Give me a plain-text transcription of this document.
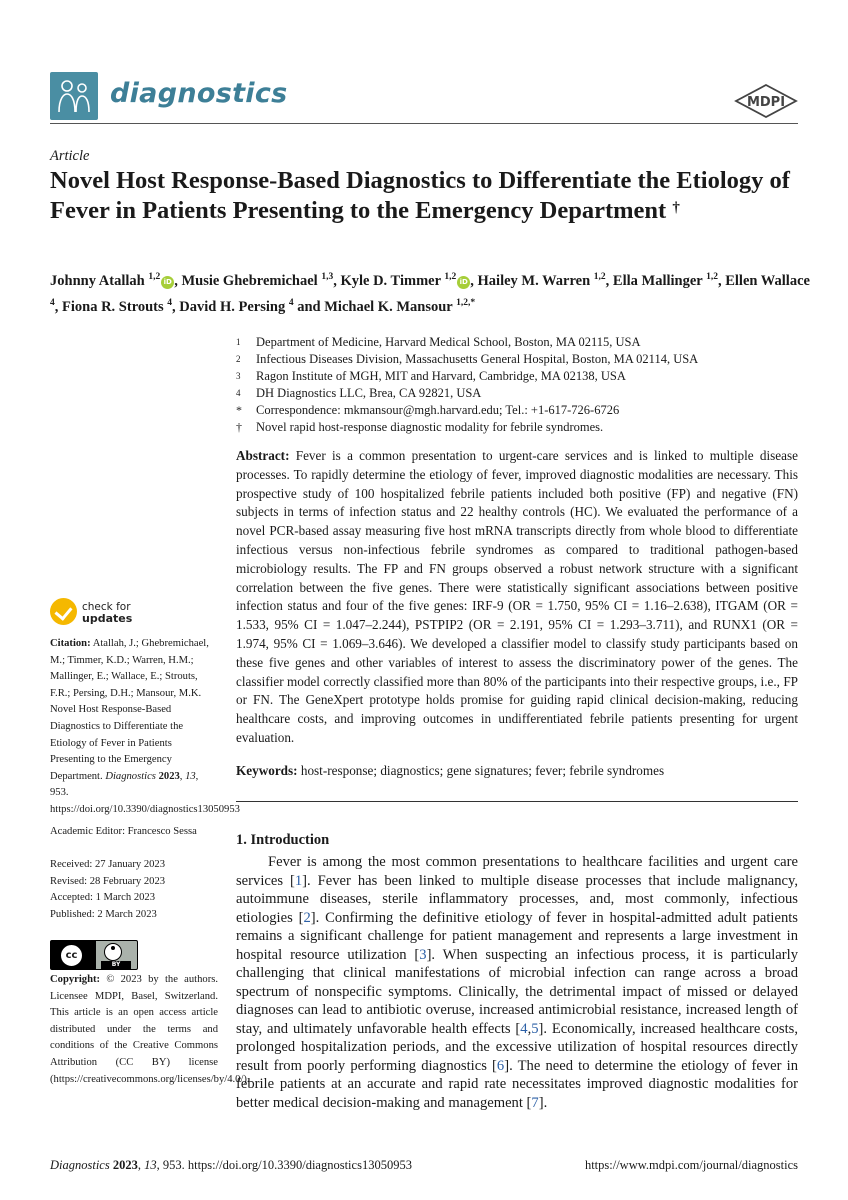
diagnostics	MDPI
Article
Novel Host Response-Based Diagnostics to Differentiate the Etiology of Fever in Patients Presenting to the Emergency Department †
Johnny Atallah $^{1,2}$ iD , Musie Ghebremichael $^{1,3}$, Kyle D. Timmer $^{1,2}$ iD , Hailey M. Warren $^{1,2}$, Ella Mallinger $^{1,2}$, Ellen Wallace $^4$, Fiona R. Strouts $^4$, David H. Persing $^4$ and Michael K. Mansour $^{1,2,*}$
1	Department of Medicine, Harvard Medical School, Boston, MA 02115, USA
2	Infectious Diseases Division, Massachusetts General Hospital, Boston, MA 02114, USA
3	Ragon Institute of MGH, MIT and Harvard, Cambridge, MA 02138, USA
4	DH Diagnostics LLC, Brea, CA 92821, USA
*	Correspondence: mkmansour@mgh.harvard.edu; Tel.: +1-617-726-6726
†	Novel rapid host-response diagnostic modality for febrile syndromes.
Abstract: Fever is a common presentation to urgent-care services and is linked to multiple disease processes. To rapidly determine the etiology of fever, improved diagnostic modalities are necessary. This prospective study of 100 hospitalized febrile patients included both positive (FP) and negative (FN) subjects in terms of infection status and 22 healthy controls (HC). We evaluated the performance of a novel PCR-based assay measuring five host mRNA transcripts directly from whole blood to differentiate infectious versus non-infectious febrile syndromes as compared to traditional pathogen-based microbiology results. The FP and FN groups observed a robust network structure with a significant correlation between the five genes. There were statistically significant associations between positive infection status and four of the five genes: IRF-9 (OR = 1.750, 95% CI = 1.16–2.638), ITGAM (OR = 1.533, 95% CI = 1.047–2.244), PSTPIP2 (OR = 2.191, 95% CI = 1.293–3.711), and RUNX1 (OR = 1.974, 95% CI = 1.069–3.646). We developed a classifier model to classify study participants based on these five genes and other variables of interest to assess the discriminatory power of the genes. The classifier model correctly classified more than 80% of the participants into their respective groups, i.e., FP or FN. The GeneXpert prototype holds promise for guiding rapid clinical decision-making, reducing healthcare costs, and improving outcomes in undifferentiated febrile patients presenting for urgent evaluation.
Keywords: host-response; diagnostics; gene signatures; fever; febrile syndromes
1. Introduction
Fever is among the most common presentations to healthcare facilities and urgent care services [1]. Fever has been linked to multiple disease processes that include malignancy, autoimmune diseases, sterile inflammatory processes, and, most commonly, infectious etiologies [2]. Confirming the definitive etiology of fever in hospital-admitted adult patients remains a significant challenge for patient management and represents a large investment in hospital resource utilization [3]. When suspecting an infectious process, it is particularly challenging that clinical manifestations of microbial infection can range across a broad spectrum of nonspecific symptoms. Clinically, the detrimental impact of missed or delayed diagnoses can lead to antibiotic overuse, increased antimicrobial resistance, increased length of stay, and ultimately unfavorable health effects [4,5]. Economically, increased healthcare costs, prolonged hospitalization periods, and the excessive utilization of hospital resources directly result from poorly performing diagnostics [6]. The need to determine the etiology of fever in febrile patients at an accurate and rapid rate necessitates improved diagnostic modalities for better medical decision-making and management [7].
check for
updates
Citation: Atallah, J.; Ghebremichael, M.; Timmer, K.D.; Warren, H.M.; Mallinger, E.; Wallace, E.; Strouts, F.R.; Persing, D.H.; Mansour, M.K. Novel Host Response-Based Diagnostics to Differentiate the Etiology of Fever in Patients Presenting to the Emergency Department. Diagnostics 2023, 13, 953. https://doi.org/10.3390/diagnostics13050953
Academic Editor: Francesco Sessa
Received: 27 January 2023
Revised: 28 February 2023
Accepted: 1 March 2023
Published: 2 March 2023
cc
BY
Copyright: © 2023 by the authors. Licensee MDPI, Basel, Switzerland. This article is an open access article distributed under the terms and conditions of the Creative Commons Attribution (CC BY) license (https://creativecommons.org/licenses/by/4.0/).
Diagnostics 2023, 13, 953. https://doi.org/10.3390/diagnostics13050953	https://www.mdpi.com/journal/diagnostics
